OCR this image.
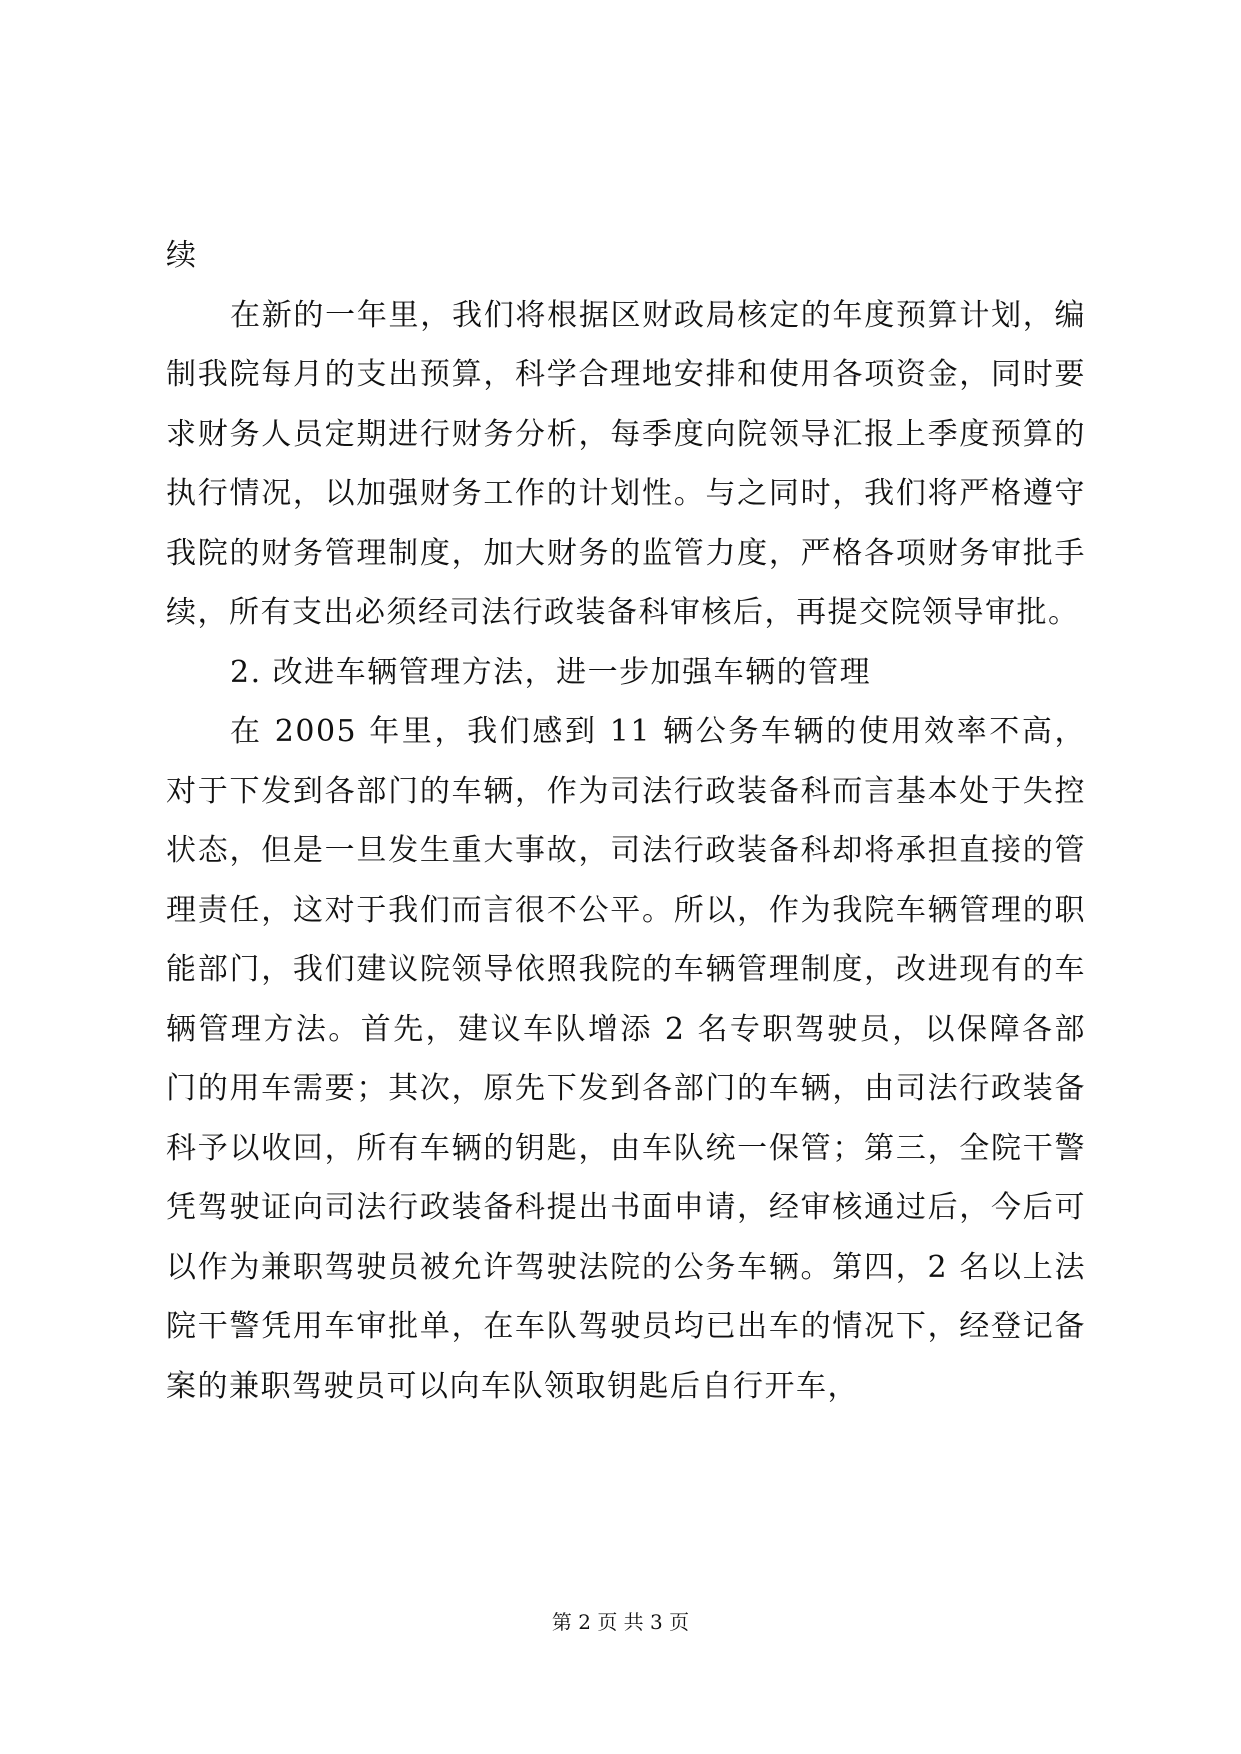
续

在新的一年里，我们将根据区财政局核定的年度预算计划，编制我院每月的支出预算，科学合理地安排和使用各项资金，同时要求财务人员定期进行财务分析，每季度向院领导汇报上季度预算的执行情况，以加强财务工作的计划性。与之同时，我们将严格遵守我院的财务管理制度，加大财务的监管力度，严格各项财务审批手续，所有支出必须经司法行政装备科审核后，再提交院领导审批。

2. 改进车辆管理方法，进一步加强车辆的管理

在 2005 年里，我们感到 11 辆公务车辆的使用效率不高，对于下发到各部门的车辆，作为司法行政装备科而言基本处于失控状态，但是一旦发生重大事故，司法行政装备科却将承担直接的管理责任，这对于我们而言很不公平。所以，作为我院车辆管理的职能部门，我们建议院领导依照我院的车辆管理制度，改进现有的车辆管理方法。首先，建议车队增添 2 名专职驾驶员，以保障各部门的用车需要；其次，原先下发到各部门的车辆，由司法行政装备科予以收回，所有车辆的钥匙，由车队统一保管；第三，全院干警凭驾驶证向司法行政装备科提出书面申请，经审核通过后，今后可以作为兼职驾驶员被允许驾驶法院的公务车辆。第四，2 名以上法院干警凭用车审批单，在车队驾驶员均已出车的情况下，经登记备案的兼职驾驶员可以向车队领取钥匙后自行开车，

第 2 页 共 3 页
